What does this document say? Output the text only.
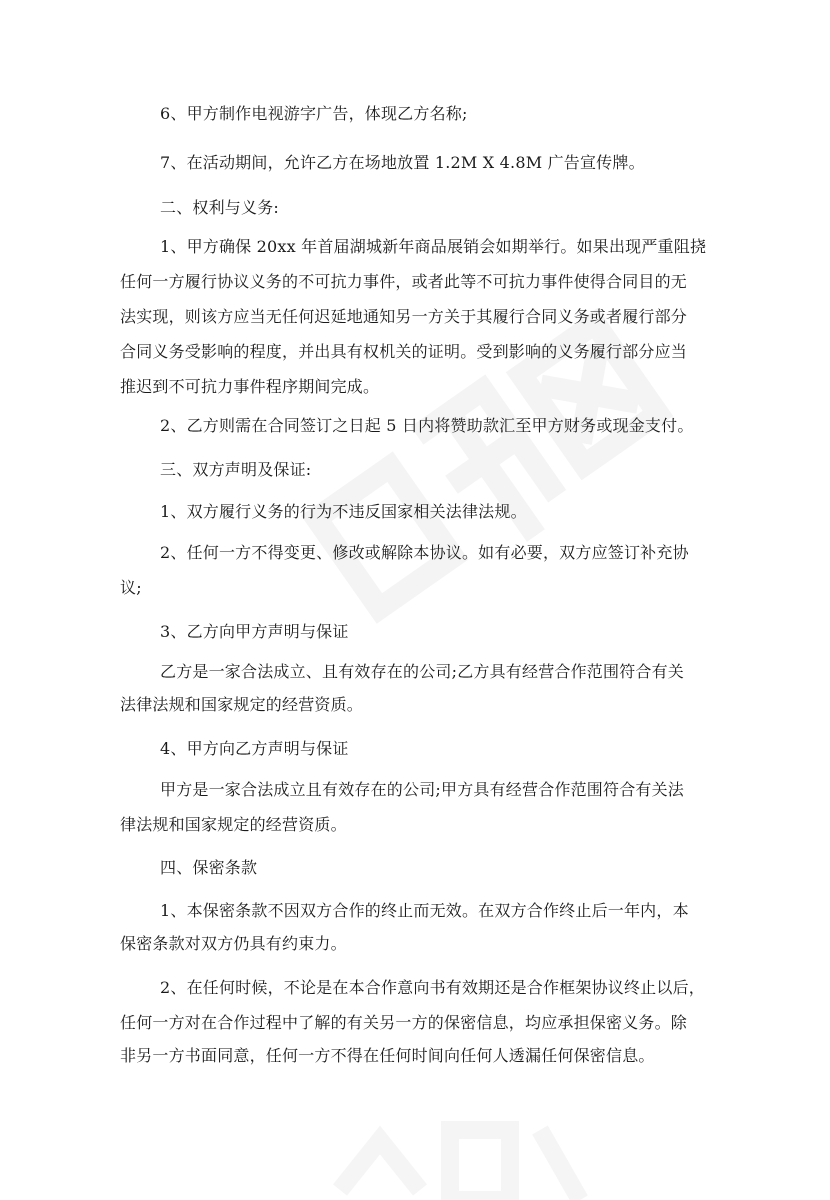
6、甲方制作电视游字广告，体现乙方名称;
7、在活动期间，允许乙方在场地放置 1.2M X 4.8M 广告宣传牌。
二、权利与义务:
1、甲方确保 20xx 年首届湖城新年商品展销会如期举行。如果出现严重阻挠
任何一方履行协议义务的不可抗力事件，或者此等不可抗力事件使得合同目的无
法实现，则该方应当无任何迟延地通知另一方关于其履行合同义务或者履行部分
合同义务受影响的程度，并出具有权机关的证明。受到影响的义务履行部分应当
推迟到不可抗力事件程序期间完成。
2、乙方则需在合同签订之日起 5 日内将赞助款汇至甲方财务或现金支付。
三、双方声明及保证:
1、双方履行义务的行为不违反国家相关法律法规。
2、任何一方不得变更、修改或解除本协议。如有必要，双方应签订补充协
议;
3、乙方向甲方声明与保证
乙方是一家合法成立、且有效存在的公司;乙方具有经营合作范围符合有关
法律法规和国家规定的经营资质。
4、甲方向乙方声明与保证
甲方是一家合法成立且有效存在的公司;甲方具有经营合作范围符合有关法
律法规和国家规定的经营资质。
四、保密条款
1、本保密条款不因双方合作的终止而无效。在双方合作终止后一年内，本
保密条款对双方仍具有约束力。
2、在任何时候，不论是在本合作意向书有效期还是合作框架协议终止以后，
任何一方对在合作过程中了解的有关另一方的保密信息，均应承担保密义务。除
非另一方书面同意，任何一方不得在任何时间向任何人透漏任何保密信息。
